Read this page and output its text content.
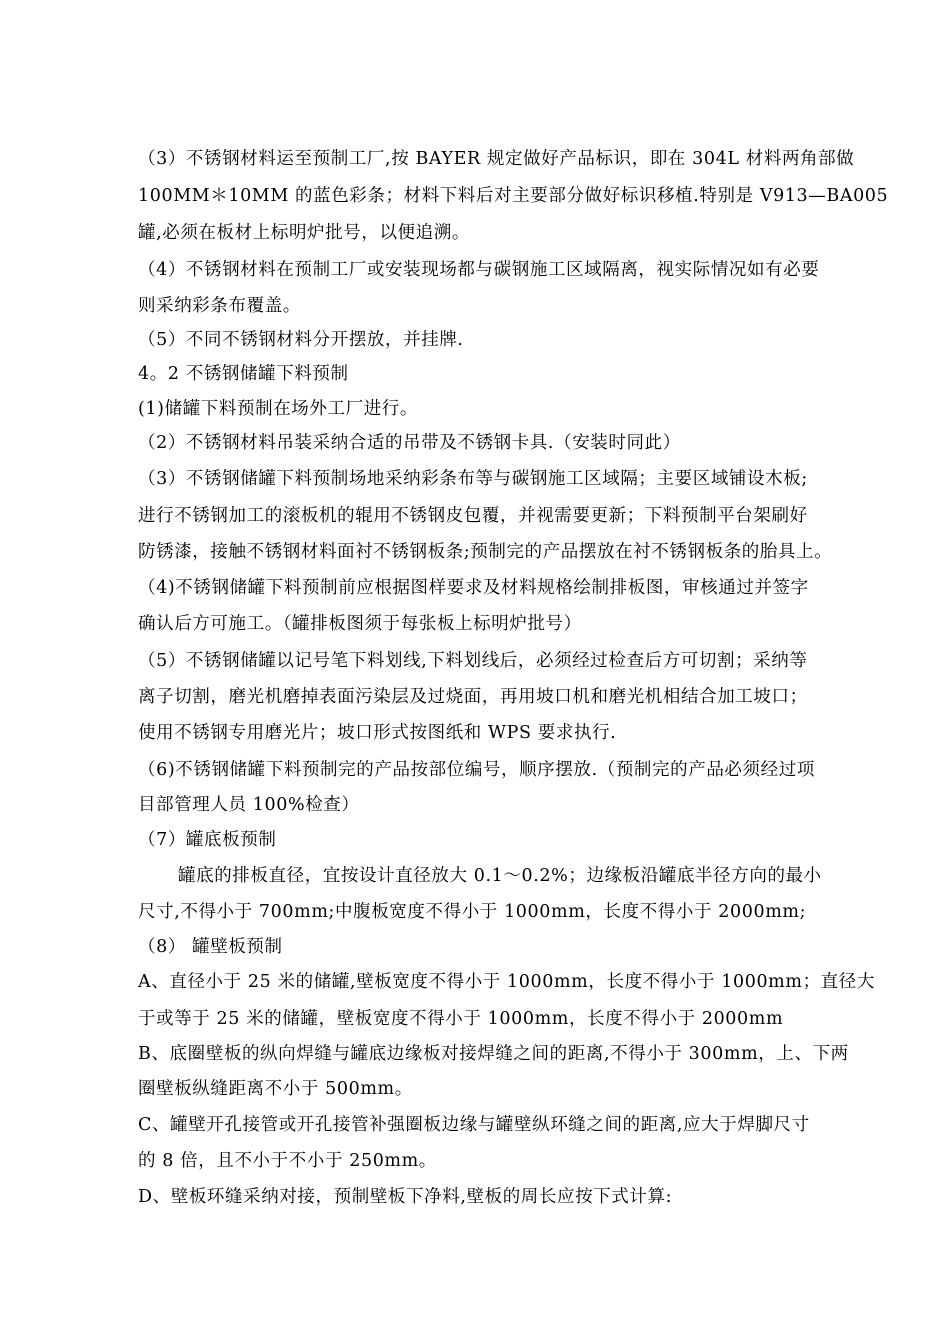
（3）不锈钢材料运至预制工厂,按 BAYER 规定做好产品标识，即在 304L 材料两角部做
100MM＊10MM 的蓝色彩条；材料下料后对主要部分做好标识移植.特别是 V913—BA005
罐,必须在板材上标明炉批号，以便追溯。
（4）不锈钢材料在预制工厂或安装现场都与碳钢施工区域隔离，视实际情况如有必要
则采纳彩条布覆盖。
（5）不同不锈钢材料分开摆放，并挂牌.
4。2 不锈钢储罐下料预制
(1)储罐下料预制在场外工厂进行。
（2）不锈钢材料吊装采纳合适的吊带及不锈钢卡具.（安装时同此）
（3）不锈钢储罐下料预制场地采纳彩条布等与碳钢施工区域隔；主要区域铺设木板;
进行不锈钢加工的滚板机的辊用不锈钢皮包覆，并视需要更新；下料预制平台架刷好
防锈漆，接触不锈钢材料面衬不锈钢板条;预制完的产品摆放在衬不锈钢板条的胎具上。
（4)不锈钢储罐下料预制前应根据图样要求及材料规格绘制排板图，审核通过并签字
确认后方可施工。（罐排板图须于每张板上标明炉批号）
（5）不锈钢储罐以记号笔下料划线,下料划线后，必须经过检查后方可切割；采纳等
离子切割，磨光机磨掉表面污染层及过烧面，再用坡口机和磨光机相结合加工坡口；
使用不锈钢专用磨光片；坡口形式按图纸和 WPS 要求执行.
（6)不锈钢储罐下料预制完的产品按部位编号，顺序摆放.（预制完的产品必须经过项
目部管理人员 100%检查）
（7）罐底板预制
罐底的排板直径，宜按设计直径放大 0.1～0.2%；边缘板沿罐底半径方向的最小
尺寸,不得小于 700mm;中腹板宽度不得小于 1000mm，长度不得小于 2000mm;
（8） 罐壁板预制
A、直径小于 25 米的储罐,壁板宽度不得小于 1000mm，长度不得小于 1000mm；直径大
于或等于 25 米的储罐，壁板宽度不得小于 1000mm，长度不得小于 2000mm
B、底圈壁板的纵向焊缝与罐底边缘板对接焊缝之间的距离,不得小于 300mm，上、下两
圈壁板纵缝距离不小于 500mm。
C、罐壁开孔接管或开孔接管补强圈板边缘与罐壁纵环缝之间的距离,应大于焊脚尺寸
的 8 倍，且不小于不小于 250mm。
D、壁板环缝采纳对接，预制壁板下净料,壁板的周长应按下式计算:
